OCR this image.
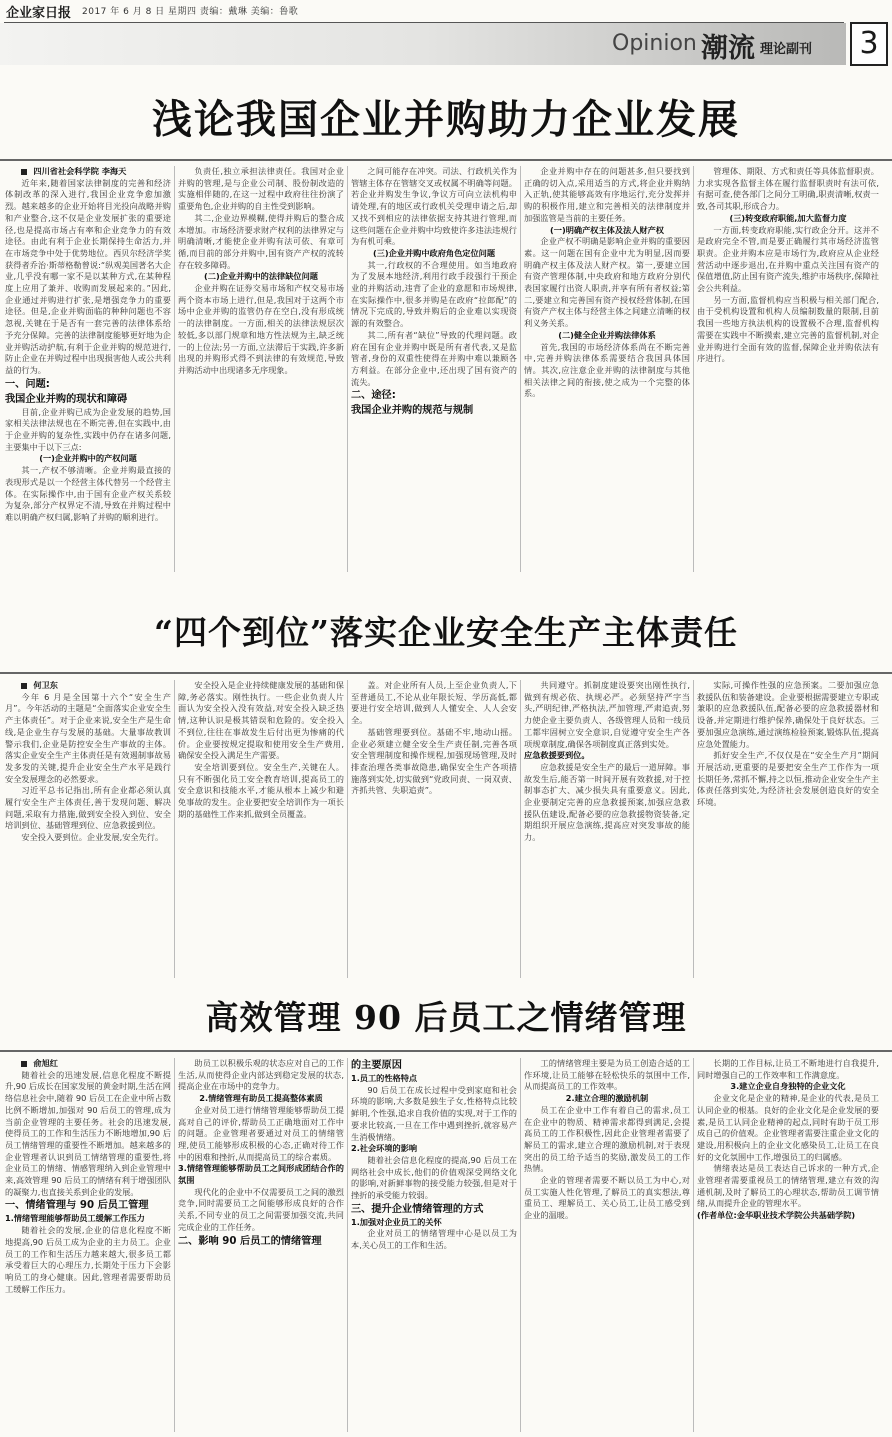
企业家日报 2017 年 6 月 8 日 星期四 责编：戴琳 美编：鲁歌
Opinion 潮流 理论副刊	3
浅论我国企业并购助力企业发展

四川省社会科学院 李海天

近年来,随着国家法律制度的完善和经济体制改革的深入进行,我国企业竞争愈加激烈。越来越多的企业开始将目光投向战略并购和产业整合,这不仅是企业发展扩张的重要途径,也是提高市场占有率和企业竞争力的有效途径。由此有利于企业长期保持生命活力,并在市场竞争中处于优势地位。西贝尔经济学奖获得者乔治·斯蒂格勒曾说:“纵观美国著名大企业,几乎没有哪一家不是以某种方式,在某种程度上应用了兼并、收购而发展起来的。”因此,企业通过并购进行扩张,是增强竞争力的重要途径。但是,企业并购面临的种种问题也不容忽视,关键在于是否有一套完善的法律体系给予充分保障。完善的法律制度能够更好地为企业并购活动护航,有利于企业并购的规范进行,防止企业在并购过程中出现损害他人或公共利益的行为。

一、问题:

我国企业并购的现状和障碍

目前,企业并购已成为企业发展的趋势,国家相关法律法规也在不断完善,但在实践中,由于企业并购的复杂性,实践中仍存在诸多问题,主要集中于以下三点:

(一)企业并购中的产权问题

其一,产权不够清晰。企业并购最直接的表现形式是以一个经营主体代替另一个经营主体。在实际操作中,由于国有企业产权关系较为复杂,部分产权界定不清,导致在并购过程中难以明确产权归属,影响了并购的顺利进行。

负责任,独立承担法律责任。我国对企业并购的管理,是与企业公司制、股份制改造的实施相伴随的,在这一过程中政府往往扮演了重要角色,企业并购的自主性受到影响。

其二,企业边界模糊,使得并购后的整合成本增加。市场经济要求财产权利的法律界定与明确清晰,才能使企业并购有法可依、有章可循,而目前的部分并购中,国有资产产权的流转存在较多障碍。

(二)企业并购中的法律缺位问题

企业并购在证券交易市场和产权交易市场两个资本市场上进行,但是,我国对于这两个市场中企业并购的监管仍存在空白,没有形成统一的法律制度。一方面,相关的法律法规层次较低,多以部门规章和地方性法规为主,缺乏统一的上位法;另一方面,立法滞后于实践,许多新出现的并购形式得不到法律的有效规范,导致并购活动中出现诸多无序现象。

之间可能存在冲突。司法、行政机关作为管辖主体存在管辖交叉或权属不明确等问题。若企业并购发生争议,争议方可向立法机构申请处理,有的地区或行政机关受理申请之后,却又找不到相应的法律依据支持其进行管理,而这些问题在企业并购中均致使许多违法违规行为有机可乘。

(三)企业并购中政府角色定位问题

其一,行政权的不合理使用。如当地政府为了发展本地经济,利用行政手段强行干预企业的并购活动,违背了企业的意愿和市场规律,在实际操作中,很多并购是在政府“拉郎配”的情况下完成的,导致并购后的企业难以实现资源的有效整合。

其二,所有者“缺位”导致的代理问题。政府在国有企业并购中既是所有者代表,又是监管者,身份的双重性使得在并购中难以兼顾各方利益。在部分企业中,还出现了国有资产的流失。

二、途径:

我国企业并购的规范与规制

企业并购中存在的问题甚多,但只要找到正确的切入点,采用适当的方式,将企业并购纳入正轨,使其能够高效有序地运行,充分发挥并购的积极作用,建立和完善相关的法律制度并加强监管是当前的主要任务。

(一)明确产权主体及法人财产权

企业产权不明确是影响企业并购的重要因素。这一问题在国有企业中尤为明显,因而要明确产权主体及法人财产权。第一,要建立国有资产管理体制,中央政府和地方政府分别代表国家履行出资人职责,并享有所有者权益;第二,要建立和完善国有资产授权经营体制,在国有资产产权主体与经营主体之间建立清晰的权利义务关系。

(二)健全企业并购法律体系

首先,我国的市场经济体系尚在不断完善中,完善并购法律体系需要结合我国具体国情。其次,应注意企业并购的法律制度与其他相关法律之间的衔接,使之成为一个完整的体系。

管理体、期限、方式和责任等具体监督职责。力求实现各监督主体在履行监督职责时有法可依,有据可查,使各部门之间分工明确,职责清晰,权责一致,各司其职,形成合力。

(三)转变政府职能,加大监督力度

一方面,转变政府职能,实行政企分开。这并不是政府完全不管,而是要正确履行其市场经济监管职责。企业并购本应是市场行为,政府应从企业经营活动中逐步退出,在并购中重点关注国有资产的保值增值,防止国有资产流失,维护市场秩序,保障社会公共利益。

另一方面,监督机构应当积极与相关部门配合,由于受机构设置和机构人员编制数量的限制,目前我国一些地方执法机构的设置极不合理,监督机构需要在实践中不断摸索,建立完善的监督机制,对企业并购进行全面有效的监督,保障企业并购依法有序进行。

“四个到位”落实企业安全生产主体责任

何卫东

今年 6 月是全国第十六个“安全生产月”。今年活动的主题是“全面落实企业安全生产主体责任”。对于企业来说,安全生产是生命线,是企业生存与发展的基础。大量事故教训警示我们,企业是防控安全生产事故的主体。落实企业安全生产主体责任是有效遏制事故易发多发的关键,提升企业安全生产水平是践行安全发展理念的必然要求。

习近平总书记指出,所有企业都必须认真履行安全生产主体责任,善于发现问题、解决问题,采取有力措施,做到安全投入到位、安全培训到位、基础管理到位、应急救援到位。

安全投入要到位。企业发展,安全先行。

安全投入是企业持续健康发展的基础和保障,务必落实。刚性执行。一些企业负责人片面认为安全投入没有效益,对安全投入缺乏热情,这种认识是极其错误和危险的。安全投入不到位,往往在事故发生后付出更为惨痛的代价。企业要按规定提取和使用安全生产费用,确保安全投入满足生产需要。

安全培训要到位。安全生产,关键在人。只有不断强化员工安全教育培训,提高员工的安全意识和技能水平,才能从根本上减少和避免事故的发生。企业要把安全培训作为一项长期的基础性工作来抓,做到全员覆盖。

盖。对企业所有人员,上至企业负责人,下至普通员工,不论从业年限长短、学历高低,都要进行安全培训,做到人人懂安全、人人会安全。

基础管理要到位。基础不牢,地动山摇。企业必须建立健全安全生产责任制,完善各项安全管理制度和操作规程,加强现场管理,及时排查治理各类事故隐患,确保安全生产各项措施落到实处,切实做到“党政同责、一岗双责、齐抓共管、失职追责”。

共同遵守。抓制度建设要突出刚性执行,做到有规必依、执规必严。必须坚持严字当头,严明纪律,严格执法,严加管理,严肃追责,努力使企业主要负责人、各级管理人员和一线员工都牢固树立安全意识,自觉遵守安全生产各项规章制度,确保各项制度真正落到实处。

应急救援要到位。

应急救援是安全生产的最后一道屏障。事故发生后,能否第一时间开展有效救援,对于控制事态扩大、减少损失具有重要意义。因此,企业要制定完善的应急救援预案,加强应急救援队伍建设,配备必要的应急救援物资装备,定期组织开展应急演练,提高应对突发事故的能力。

实际,可操作性强的应急预案。二要加强应急救援队伍和装备建设。企业要根据需要建立专职或兼职的应急救援队伍,配备必要的应急救援器材和设备,并定期进行维护保养,确保处于良好状态。三要加强应急演练,通过演练检验预案,锻炼队伍,提高应急处置能力。

抓好安全生产,不仅仅是在“安全生产月”期间开展活动,更重要的是要把安全生产工作作为一项长期任务,常抓不懈,持之以恒,推动企业安全生产主体责任落到实处,为经济社会发展创造良好的安全环境。

高效管理 90 后员工之情绪管理

俞旭红

随着社会的迅速发展,信息化程度不断提升,90 后成长在国家发展的黄金时期,生活在网络信息社会中,随着 90 后员工在企业中所占数比例不断增加,加强对 90 后员工的管理,成为当前企业管理的主要任务。社会的迅速发展,使得员工的工作和生活压力不断地增加,90 后员工情绪管理的重要性不断增加。越来越多的企业管理者认识到员工情绪管理的重要性,将企业员工的情绪、情感管理纳入到企业管理中来,高效管理 90 后员工的情绪有利于增强团队的凝聚力,也直接关系到企业的发展。

一、情绪管理与 90 后员工管理

1.情绪管理能够帮助员工缓解工作压力

随着社会的发展,企业的信息化程度不断地提高,90 后员工成为企业的主力员工。企业员工的工作和生活压力越来越大,很多员工都承受着巨大的心理压力,长期处于压力下会影响员工的身心健康。因此,管理者需要帮助员工缓解工作压力。

助员工以积极乐观的状态应对自己的工作生活,从而使得企业内部达到稳定发展的状态,提高企业在市场中的竞争力。

2.情绪管理有助员工提高整体素质

企业对员工进行情绪管理能够帮助员工提高对自己的评价,帮助员工正确地面对工作中的问题。企业管理者要通过对员工的情绪管理,使员工能够形成积极的心态,正确对待工作中的困难和挫折,从而提高员工的综合素质。

3.情绪管理能够帮助员工之间形成团结合作的氛围

现代化的企业中不仅需要员工之间的激烈竞争,同时需要员工之间能够形成良好的合作关系,不同专业的员工之间需要加强交流,共同完成企业的工作任务。

二、影响 90 后员工的情绪管理

的主要原因

1.员工的性格特点

90 后员工在成长过程中受到家庭和社会环境的影响,大多数是独生子女,性格特点比较鲜明,个性强,追求自我价值的实现,对于工作的要求比较高,一旦在工作中遇到挫折,就容易产生消极情绪。

2.社会环境的影响

随着社会信息化程度的提高,90 后员工在网络社会中成长,他们的价值观深受网络文化的影响,对新鲜事物的接受能力较强,但是对于挫折的承受能力较弱。

三、提升企业情绪管理的方式

1.加强对企业员工的关怀

企业对员工的情绪管理中心是以员工为本,关心员工的工作和生活。

工的情绪管理主要是为员工创造合适的工作环境,让员工能够在轻松快乐的氛围中工作,从而提高员工的工作效率。

2.建立合理的激励机制

员工在企业中工作有着自己的需求,员工在企业中的物质、精神需求都得到满足,会提高员工的工作积极性,因此企业管理者需要了解员工的需求,建立合理的激励机制,对于表现突出的员工给予适当的奖励,激发员工的工作热情。

企业的管理者需要不断以员工为中心,对员工实施人性化管理,了解员工的真实想法,尊重员工、理解员工、关心员工,让员工感受到企业的温暖。

长期的工作目标,让员工不断地进行自我提升,同时增强自己的工作效率和工作满意度。

3.建立企业自身独特的企业文化

企业文化是企业的精神,是企业的代表,是员工认同企业的根基。良好的企业文化是企业发展的要素,是员工认同企业精神的起点,同时有助于员工形成自己的价值观。企业管理者需要注重企业文化的建设,用积极向上的企业文化感染员工,让员工在良好的文化氛围中工作,增强员工的归属感。

情绪表达是员工表达自己诉求的一种方式,企业管理者需要重视员工的情绪管理,建立有效的沟通机制,及时了解员工的心理状态,帮助员工调节情绪,从而提升企业的管理水平。

(作者单位:金华职业技术学院公共基础学院)
